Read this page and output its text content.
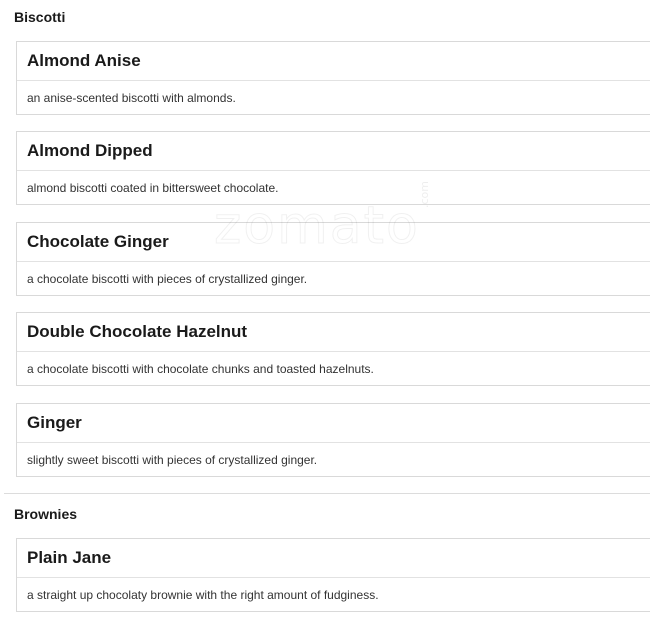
Biscotti
Almond Anise
an anise-scented biscotti with almonds.
Almond Dipped
almond biscotti coated in bittersweet chocolate.
Chocolate Ginger
a chocolate biscotti with pieces of crystallized ginger.
Double Chocolate Hazelnut
a chocolate biscotti with chocolate chunks and toasted hazelnuts.
Ginger
slightly sweet biscotti with pieces of crystallized ginger.
Brownies
Plain Jane
a straight up chocolaty brownie with the right amount of fudginess.
